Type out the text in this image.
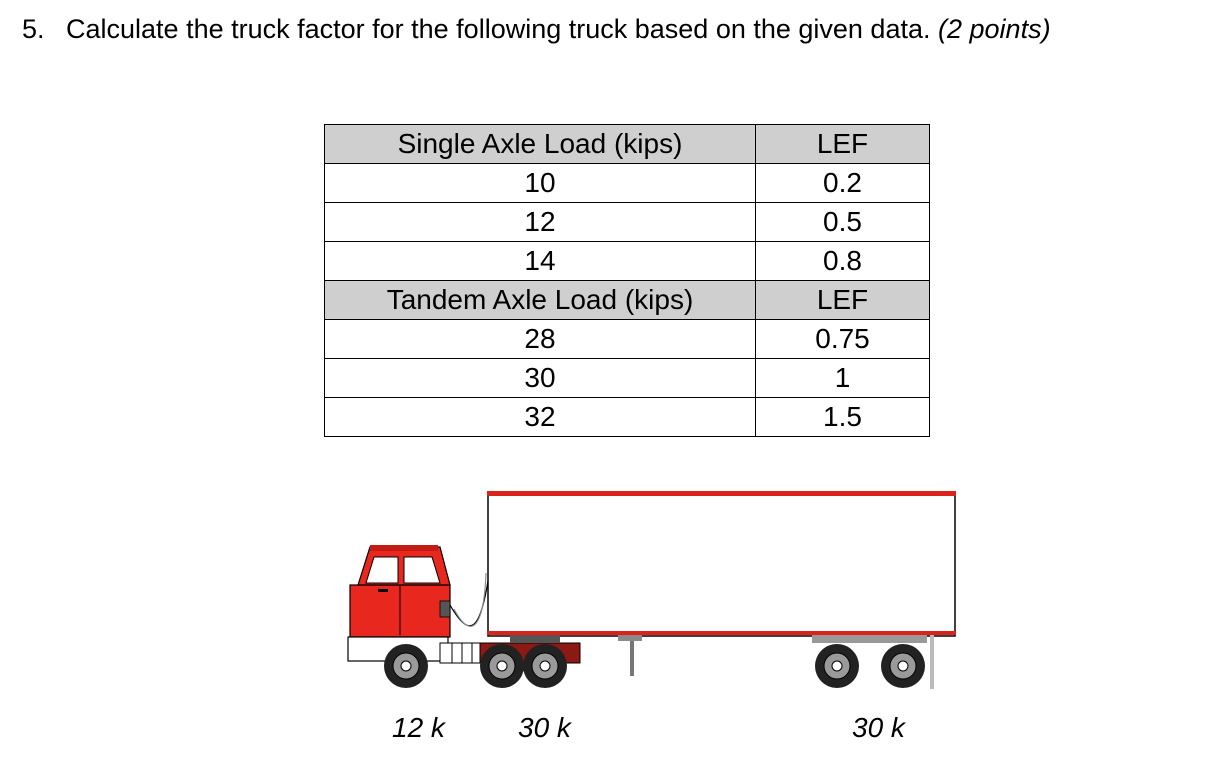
5. Calculate the truck factor for the following truck based on the given data. (2 points)
Single Axle Load (kips)	LEF
10	0.2
12	0.5
14	0.8
Tandem Axle Load (kips)	LEF
28	0.75
30	1
32	1.5
12 k	30 k	30 k
